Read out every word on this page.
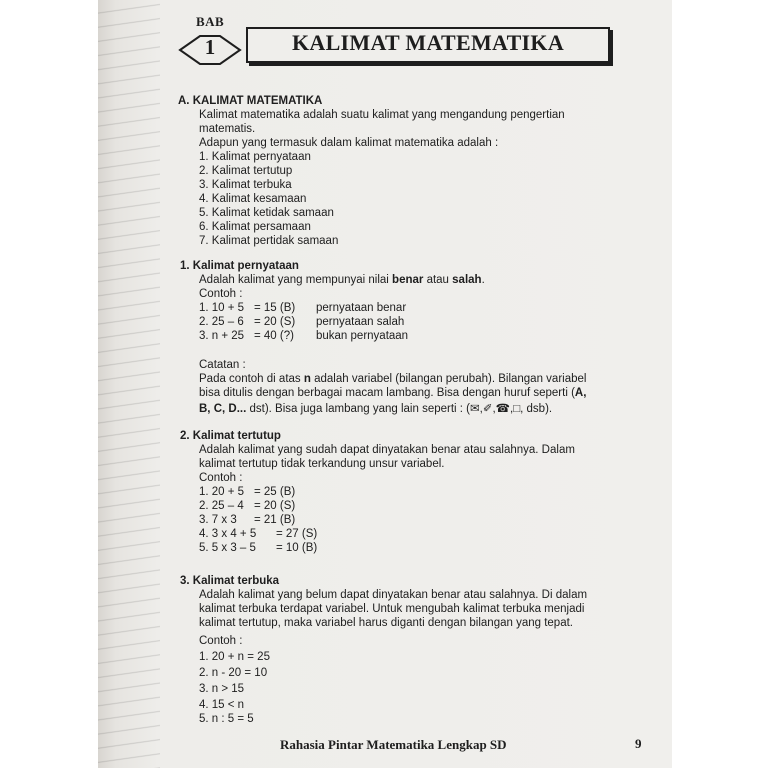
BAB
1	KALIMAT MATEMATIKA
A. KALIMAT MATEMATIKA
Kalimat matematika adalah suatu kalimat yang mengandung pengertian
matematis.
Adapun yang termasuk dalam kalimat matematika adalah :
1. Kalimat pernyataan
2. Kalimat tertutup
3. Kalimat terbuka
4. Kalimat kesamaan
5. Kalimat ketidak samaan
6. Kalimat persamaan
7. Kalimat pertidak samaan
1. Kalimat pernyataan
Adalah kalimat yang mempunyai nilai benar atau salah.
Contoh :
1. 10 + 5 = 15 (B) pernyataan benar
2. 25 – 6 = 20 (S) pernyataan salah
3. n + 25 = 40 (?) bukan pernyataan
Catatan :
Pada contoh di atas n adalah variabel (bilangan perubah). Bilangan variabel
bisa ditulis dengan berbagai macam lambang. Bisa dengan huruf seperti (A,
B, C, D... dst). Bisa juga lambang yang lain seperti : (✉,✐,☎,□, dsb).
2. Kalimat tertutup
Adalah kalimat yang sudah dapat dinyatakan benar atau salahnya. Dalam
kalimat tertutup tidak terkandung unsur variabel.
Contoh :
1. 20 + 5 = 25 (B)
2. 25 – 4 = 20 (S)
3. 7 x 3 = 21 (B)
4. 3 x 4 + 5 = 27 (S)
5. 5 x 3 – 5 = 10 (B)
3. Kalimat terbuka
Adalah kalimat yang belum dapat dinyatakan benar atau salahnya. Di dalam
kalimat terbuka terdapat variabel. Untuk mengubah kalimat terbuka menjadi
kalimat tertutup, maka variabel harus diganti dengan bilangan yang tepat.
Contoh :
1. 20 + n = 25
2. n - 20 = 10
3. n > 15
4. 15 < n
5. n : 5 = 5
Rahasia Pintar Matematika Lengkap SD	9
